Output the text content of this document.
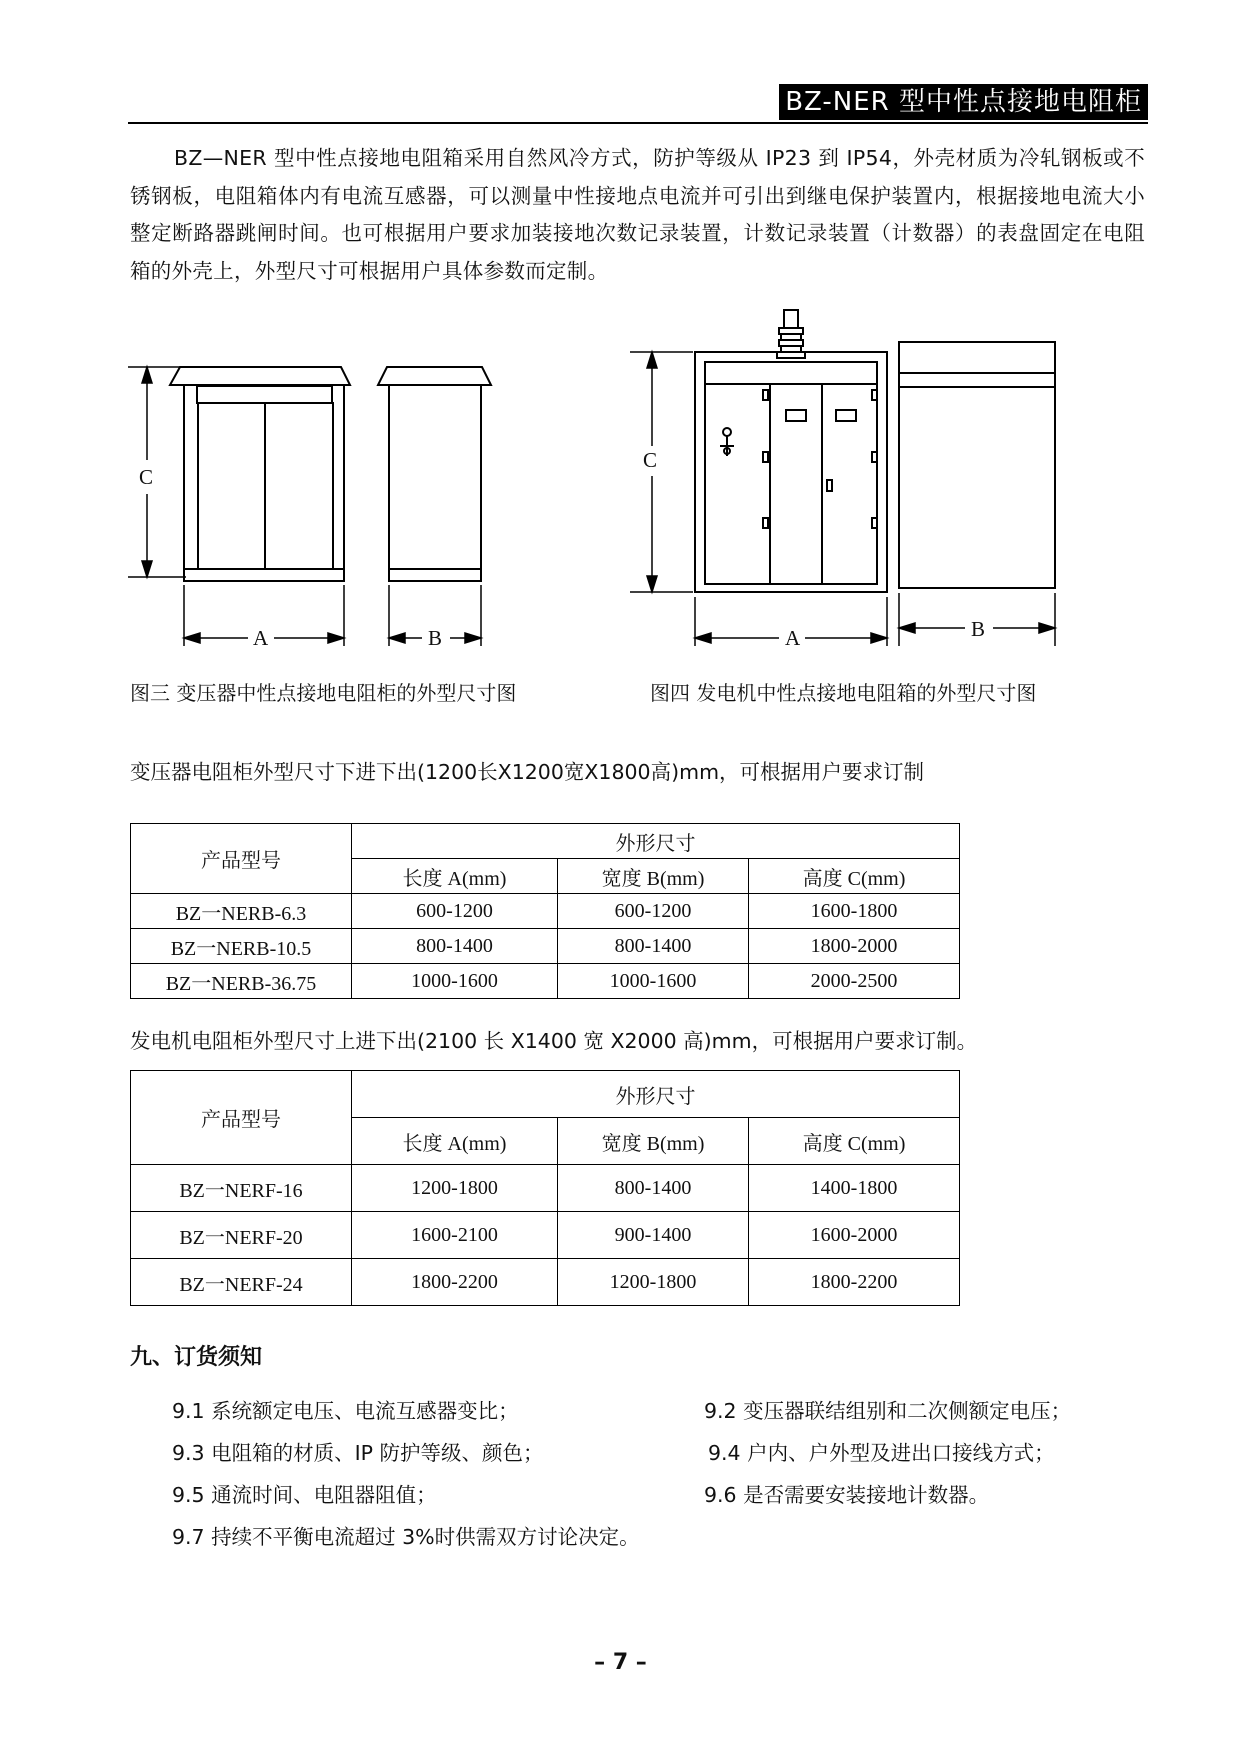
BZ-NER 型中性点接地电阻柜
BZ—NER 型中性点接地电阻箱采用自然风冷方式，防护等级从 IP23 到 IP54，外壳材质为冷轧钢板或不锈钢板，电阻箱体内有电流互感器，可以测量中性接地点电流并可引出到继电保护装置内，根据接地电流大小整定断路器跳闸时间。也可根据用户要求加装接地次数记录装置，计数记录装置（计数器）的表盘固定在电阻箱的外壳上，外型尺寸可根据用户具体参数而定制。
C
A	B
C
A	B
图三 变压器中性点接地电阻柜的外型尺寸图	图四 发电机中性点接地电阻箱的外型尺寸图
变压器电阻柜外型尺寸下进下出(1200长X1200宽X1800高)mm，可根据用户要求订制
产品型号	外形尺寸		
	长度 A(mm)	宽度 B(mm)	高度 C(mm)
BZ一NERB-6.3	600-1200	600-1200	1600-1800
BZ一NERB-10.5	800-1400	800-1400	1800-2000
BZ一NERB-36.75	1000-1600	1000-1600	2000-2500
发电机电阻柜外型尺寸上进下出(2100 长 X1400 宽 X2000 高)mm，可根据用户要求订制。
产品型号	外形尺寸		
	长度 A(mm)	宽度 B(mm)	高度 C(mm)
BZ一NERF-16	1200-1800	800-1400	1400-1800
BZ一NERF-20	1600-2100	900-1400	1600-2000
BZ一NERF-24	1800-2200	1200-1800	1800-2200
九、订货须知
9.1 系统额定电压、电流互感器变比；	9.2 变压器联结组别和二次侧额定电压；
9.3 电阻箱的材质、IP 防护等级、颜色；	9.4 户内、户外型及进出口接线方式；
9.5 通流时间、电阻器阻值；	9.6 是否需要安装接地计数器。
9.7 持续不平衡电流超过 3%时供需双方讨论决定。
– 7 –
